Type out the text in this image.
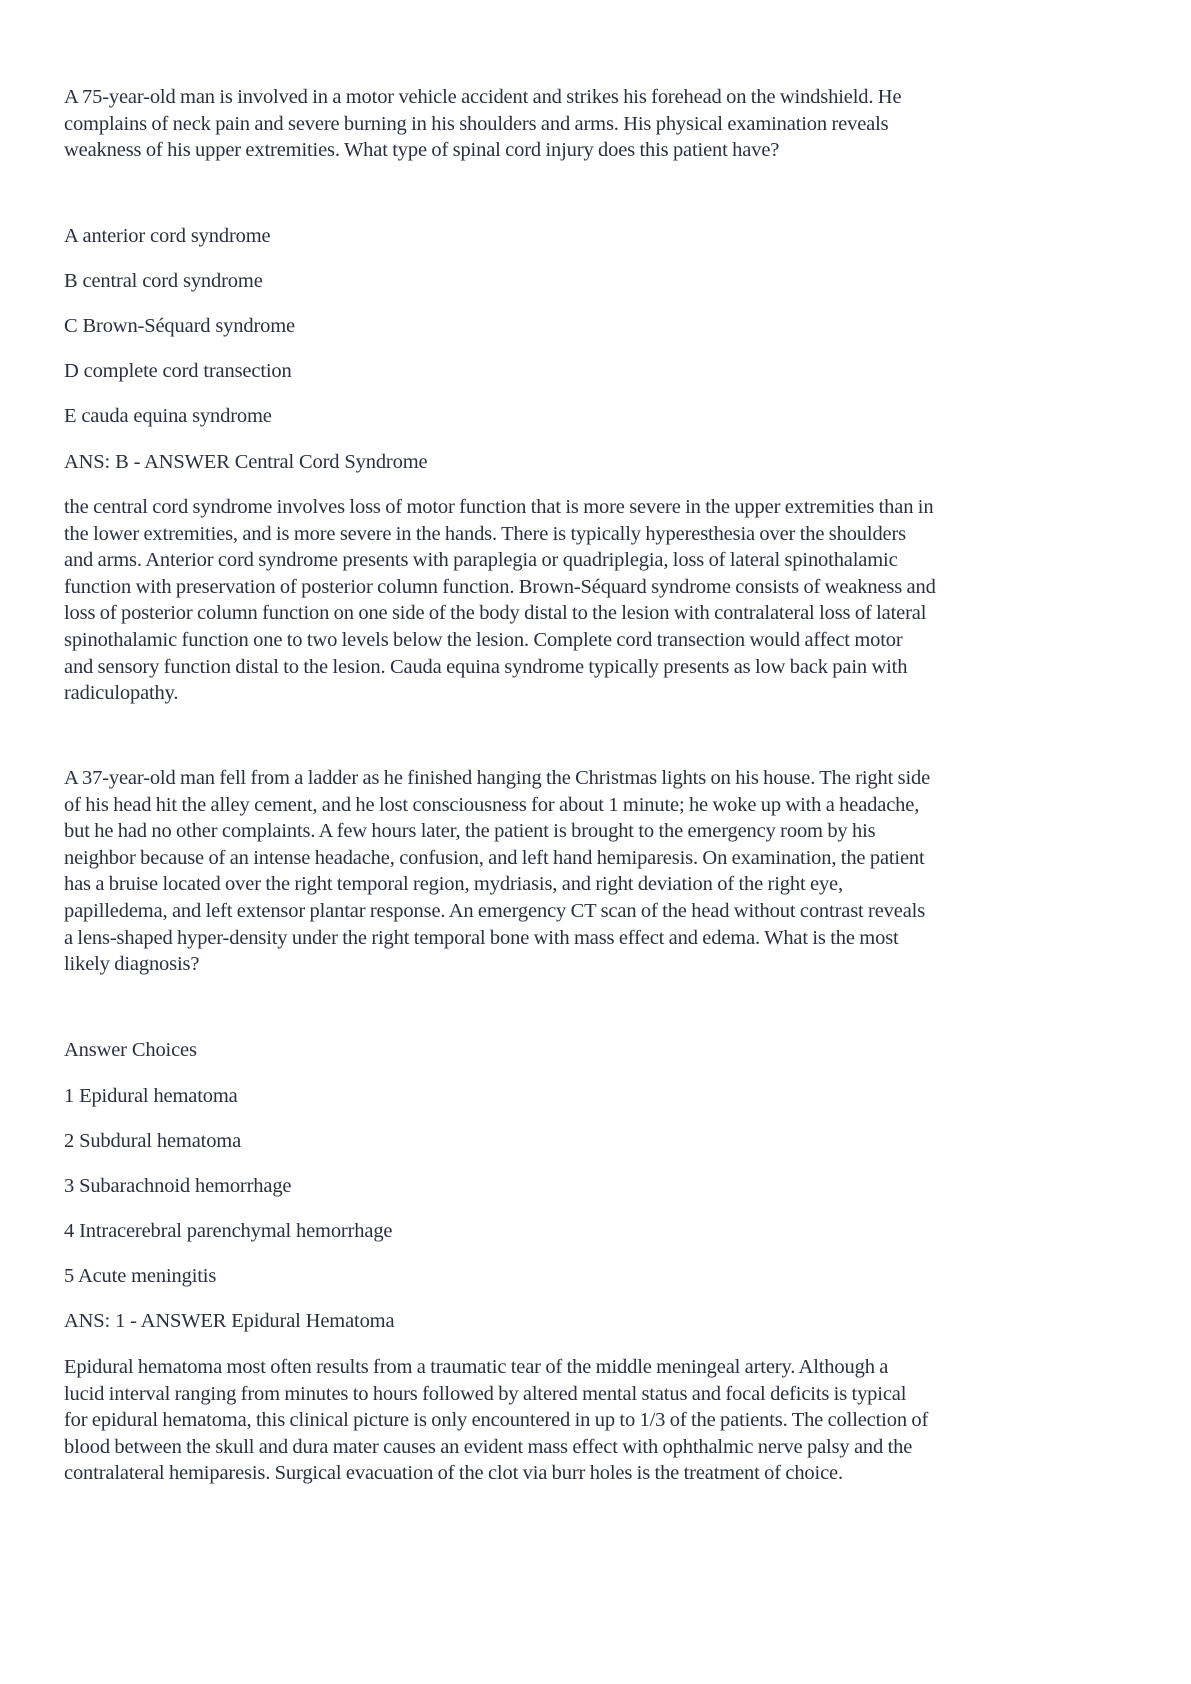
A 75-year-old man is involved in a motor vehicle accident and strikes his forehead on the windshield. He
complains of neck pain and severe burning in his shoulders and arms. His physical examination reveals
weakness of his upper extremities. What type of spinal cord injury does this patient have?
A anterior cord syndrome
B central cord syndrome
C Brown-Séquard syndrome
D complete cord transection
E cauda equina syndrome
ANS: B - ANSWER Central Cord Syndrome
the central cord syndrome involves loss of motor function that is more severe in the upper extremities than in
the lower extremities, and is more severe in the hands. There is typically hyperesthesia over the shoulders
and arms. Anterior cord syndrome presents with paraplegia or quadriplegia, loss of lateral spinothalamic
function with preservation of posterior column function. Brown-Séquard syndrome consists of weakness and
loss of posterior column function on one side of the body distal to the lesion with contralateral loss of lateral
spinothalamic function one to two levels below the lesion. Complete cord transection would affect motor
and sensory function distal to the lesion. Cauda equina syndrome typically presents as low back pain with
radiculopathy.
A 37-year-old man fell from a ladder as he finished hanging the Christmas lights on his house. The right side
of his head hit the alley cement, and he lost consciousness for about 1 minute; he woke up with a headache,
but he had no other complaints. A few hours later, the patient is brought to the emergency room by his
neighbor because of an intense headache, confusion, and left hand hemiparesis. On examination, the patient
has a bruise located over the right temporal region, mydriasis, and right deviation of the right eye,
papilledema, and left extensor plantar response. An emergency CT scan of the head without contrast reveals
a lens-shaped hyper-density under the right temporal bone with mass effect and edema. What is the most
likely diagnosis?
Answer Choices
1 Epidural hematoma
2 Subdural hematoma
3 Subarachnoid hemorrhage
4 Intracerebral parenchymal hemorrhage
5 Acute meningitis
ANS: 1 - ANSWER Epidural Hematoma
Epidural hematoma most often results from a traumatic tear of the middle meningeal artery. Although a
lucid interval ranging from minutes to hours followed by altered mental status and focal deficits is typical
for epidural hematoma, this clinical picture is only encountered in up to 1/3 of the patients. The collection of
blood between the skull and dura mater causes an evident mass effect with ophthalmic nerve palsy and the
contralateral hemiparesis. Surgical evacuation of the clot via burr holes is the treatment of choice.
